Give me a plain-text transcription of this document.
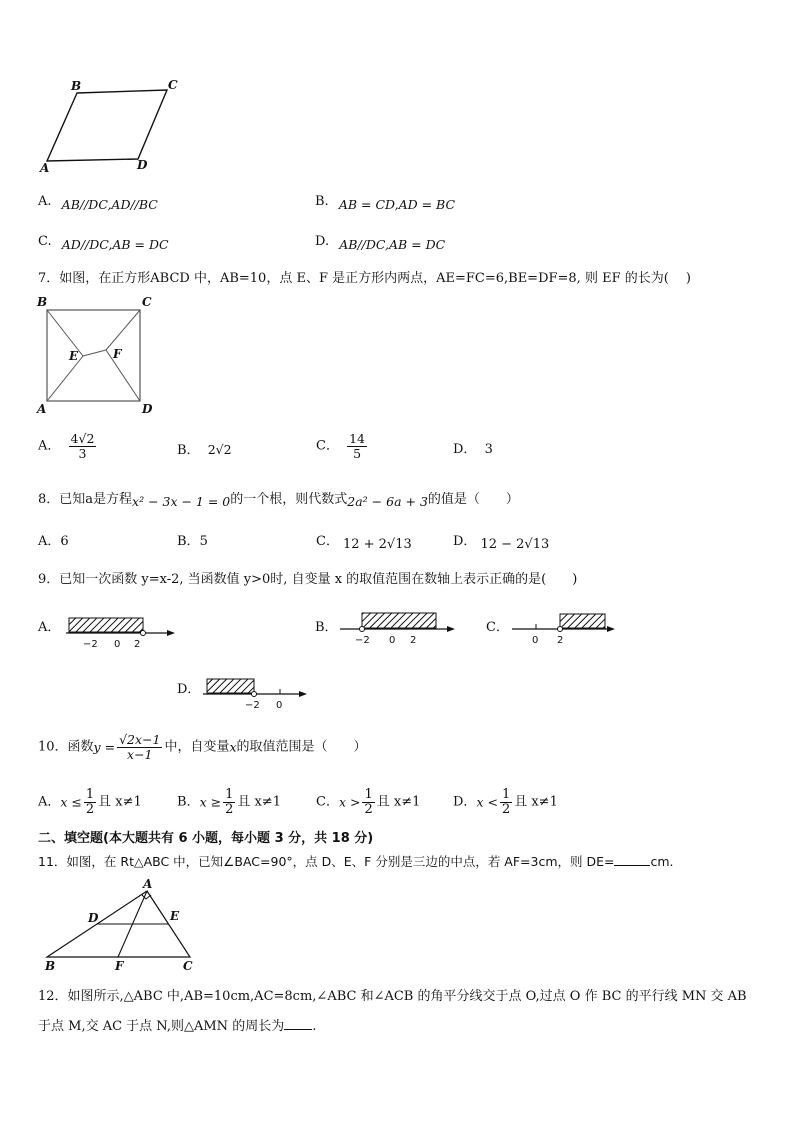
B	C
A	D
A. AB//DC,AD//BC	B. AB = CD,AD = BC
C. AD//DC,AB = DC	D. AB//DC,AB = DC
7．如图，在正方形ABCD 中，AB=10，点 E、F 是正方形内两点，AE=FC=6,BE=DF=8, 则 EF 的长为(　 )
B	C
E	F
A	D
A． $\frac{4√2}{3}$	B． 2√2	C． $\frac{14}{5}$	D． 3
8．已知a是方程x² − 3x − 1 = 0的一个根，则代数式2a² − 6a + 3的值是（　　）
A．6	B．5	C． 12 + 2√13	D． 12 − 2√13
9．已知一次函数 y=x-2, 当函数值 y>0时, 自变量 x 的取值范围在数轴上表示正确的是(　　)
A．
−2 0 2
B．
−2 0 2
C．
0 2
D．
−2 0
10．函数$y = \frac{√2x-1}{x-1}$ 中，自变量x的取值范围是（　　）
A．$x \le \frac{1}{2}$ 且 x≠1	B．$x \ge \frac{1}{2}$ 且 x≠1	C．$x > \frac{1}{2}$ 且 x≠1	D．$x < \frac{1}{2}$ 且 x≠1
二、填空题(本大题共有 6 小题，每小题 3 分，共 18 分)
11．如图，在 Rt△ABC 中，已知∠BAC=90°，点 D、E、F 分别是三边的中点，若 AF=3cm，则 DE=	cm.
A
D	E
B	F	C
12．如图所示,△ABC 中,AB=10cm,AC=8cm,∠ABC 和∠ACB 的角平分线交于点 O,过点 O 作 BC 的平行线 MN 交 AB
于点 M,交 AC 于点 N,则△AMN 的周长为 .
